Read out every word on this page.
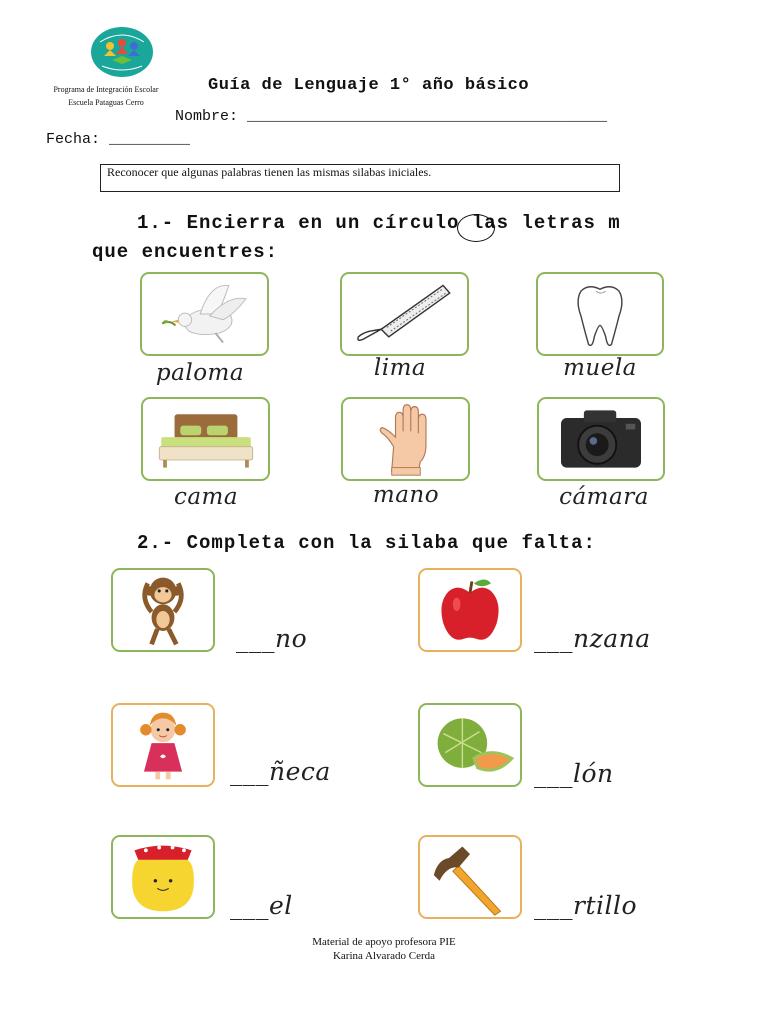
Programa de Integración Escolar
Escuela Pataguas Cerro
Guía de Lenguaje 1° año básico
Nombre: ________________________________________
Fecha: _________
Reconocer que algunas palabras tienen las mismas silabas iniciales.
1.- Encierra en un círculo las letras m
que encuentres:
paloma	lima	muela
cama	mano	cámara
2.- Completa con la silaba que falta:
___no	___nzana
___ñeca	___lón
___el	___rtillo
Material de apoyo profesora PIE
Karina Alvarado Cerda
